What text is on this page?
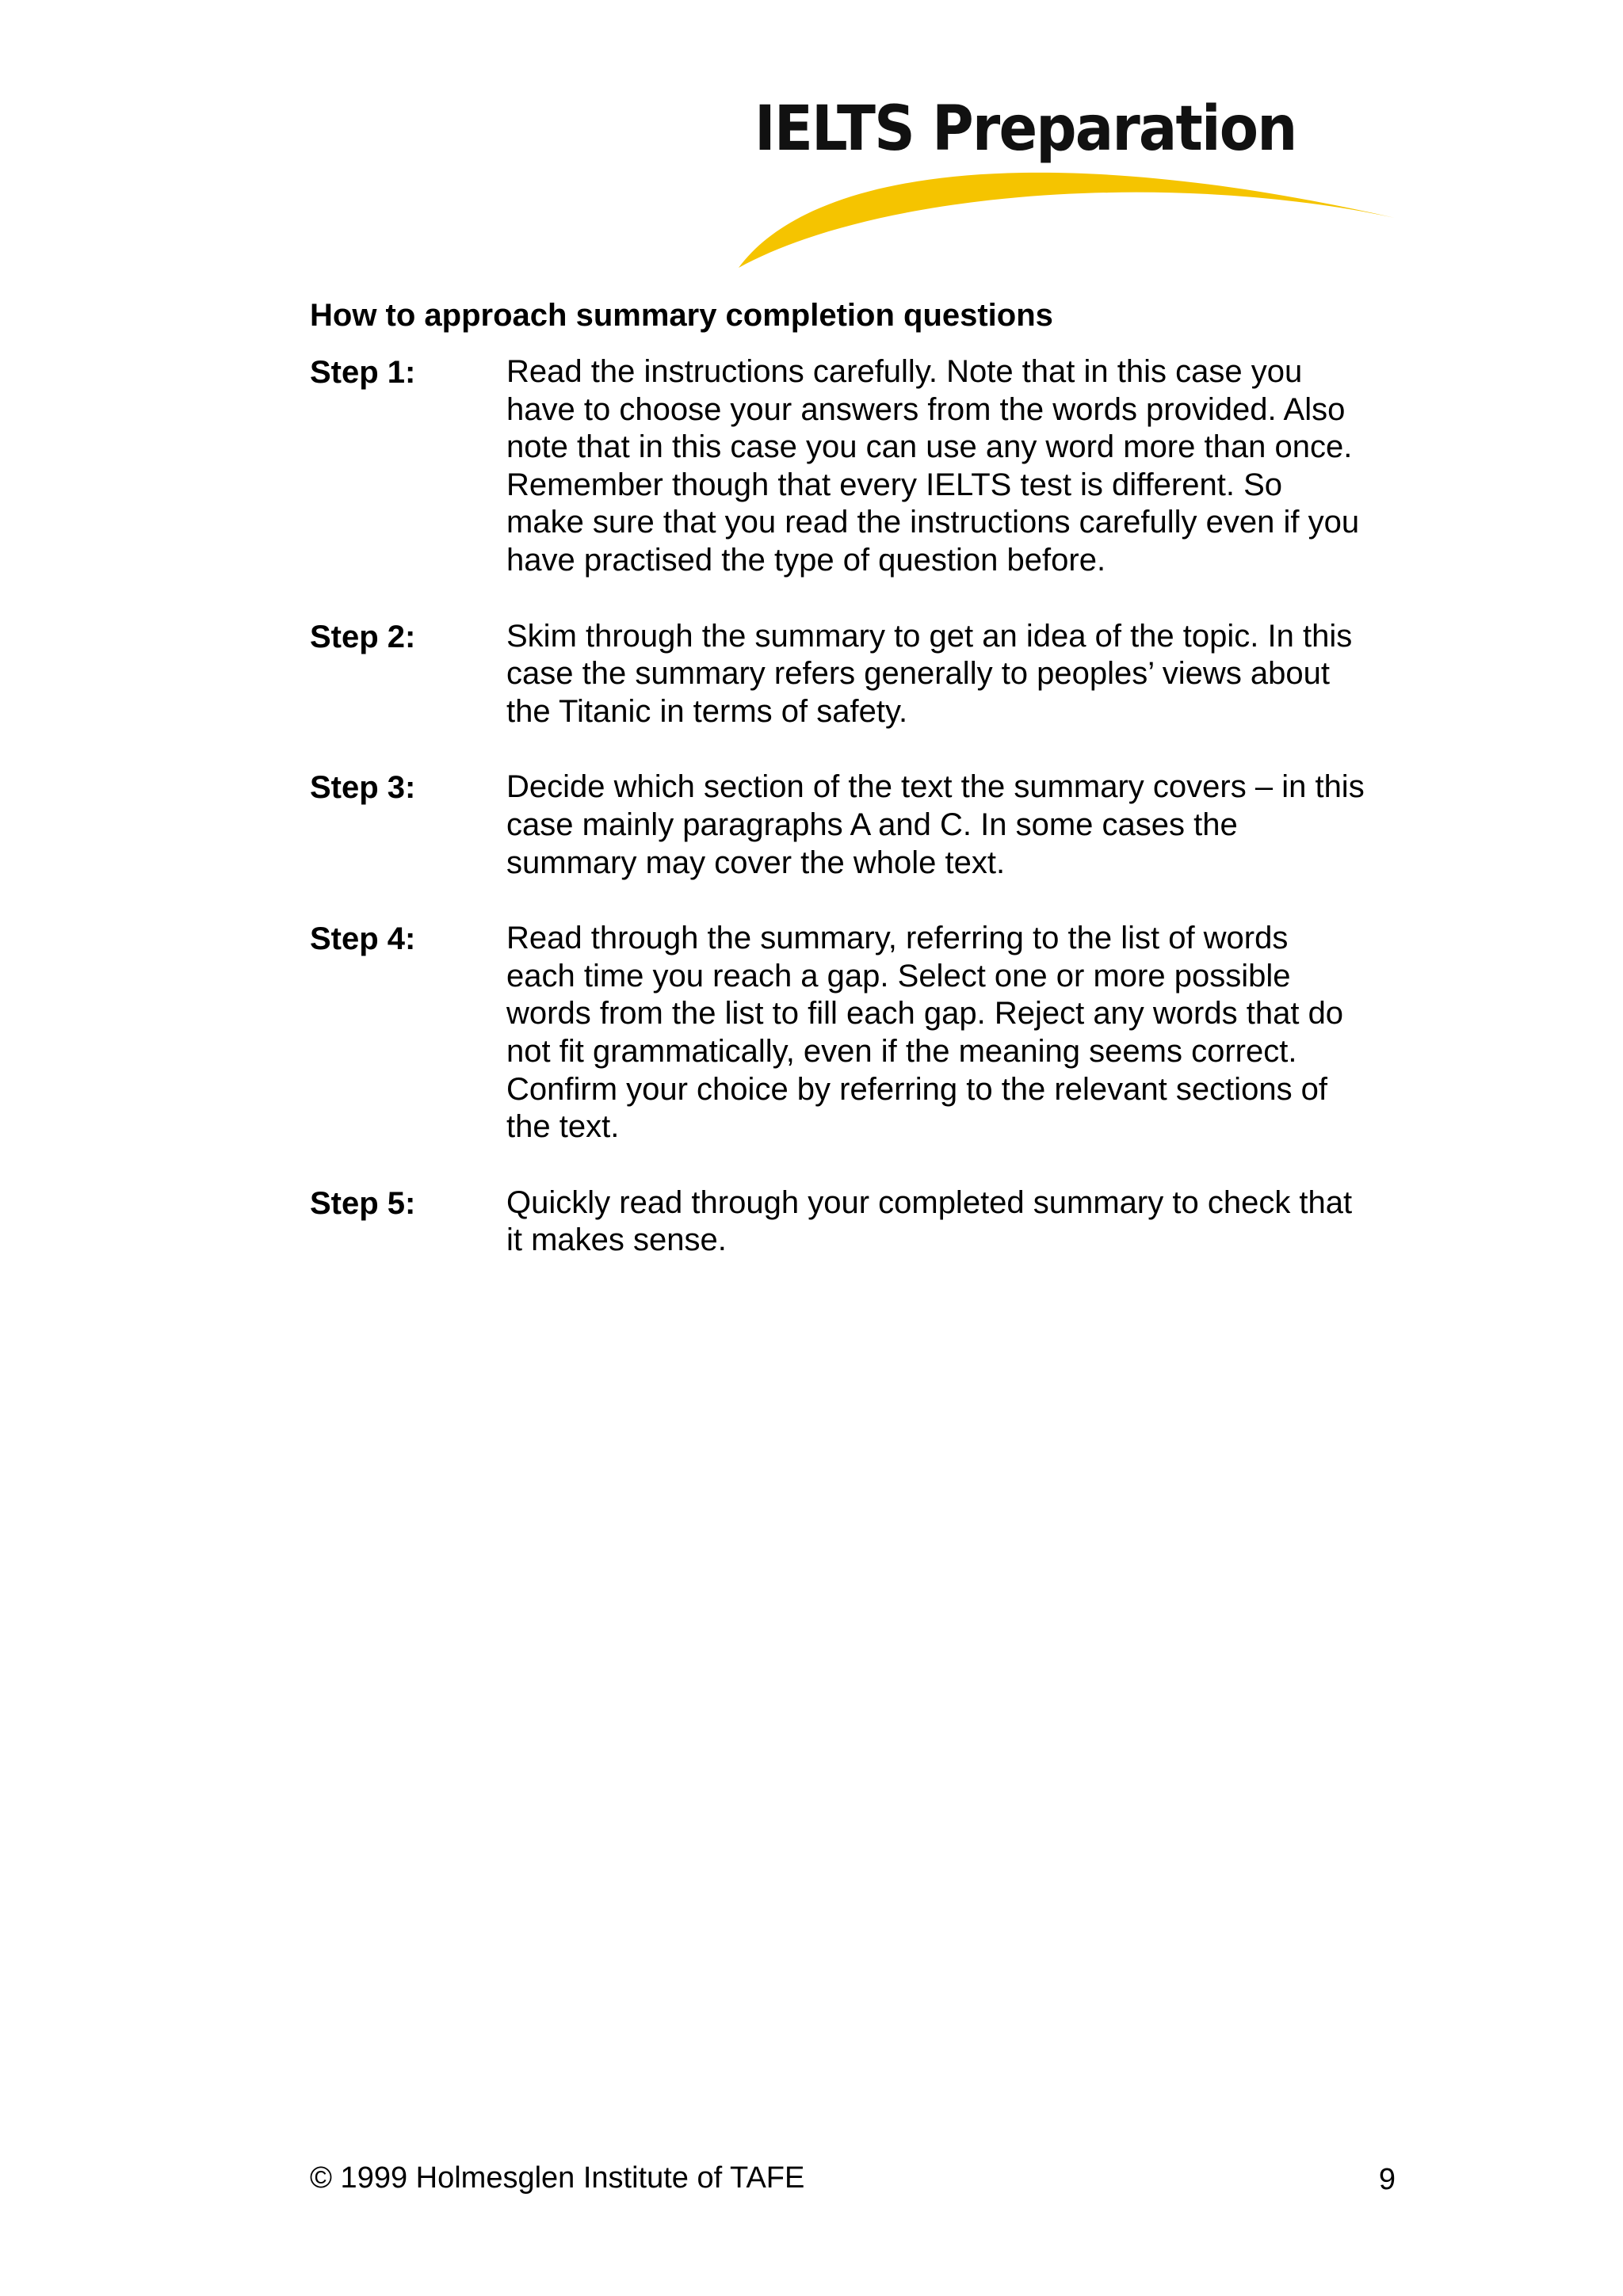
IELTS Preparation
How to approach summary completion questions
Step 1:	Read the instructions carefully. Note that in this case you
have to choose your answers from the words provided. Also
note that in this case you can use any word more than once.
Remember though that every IELTS test is different. So
make sure that you read the instructions carefully even if you
have practised the type of question before.
Step 2:	Skim through the summary to get an idea of the topic. In this
case the summary refers generally to peoples’ views about
the Titanic in terms of safety.
Step 3:	Decide which section of the text the summary covers – in this
case mainly paragraphs A and C. In some cases the
summary may cover the whole text.
Step 4:	Read through the summary, referring to the list of words
each time you reach a gap. Select one or more possible
words from the list to fill each gap. Reject any words that do
not fit grammatically, even if the meaning seems correct.
Confirm your choice by referring to the relevant sections of
the text.
Step 5:	Quickly read through your completed summary to check that
it makes sense.
© 1999 Holmesglen Institute of TAFE	9
